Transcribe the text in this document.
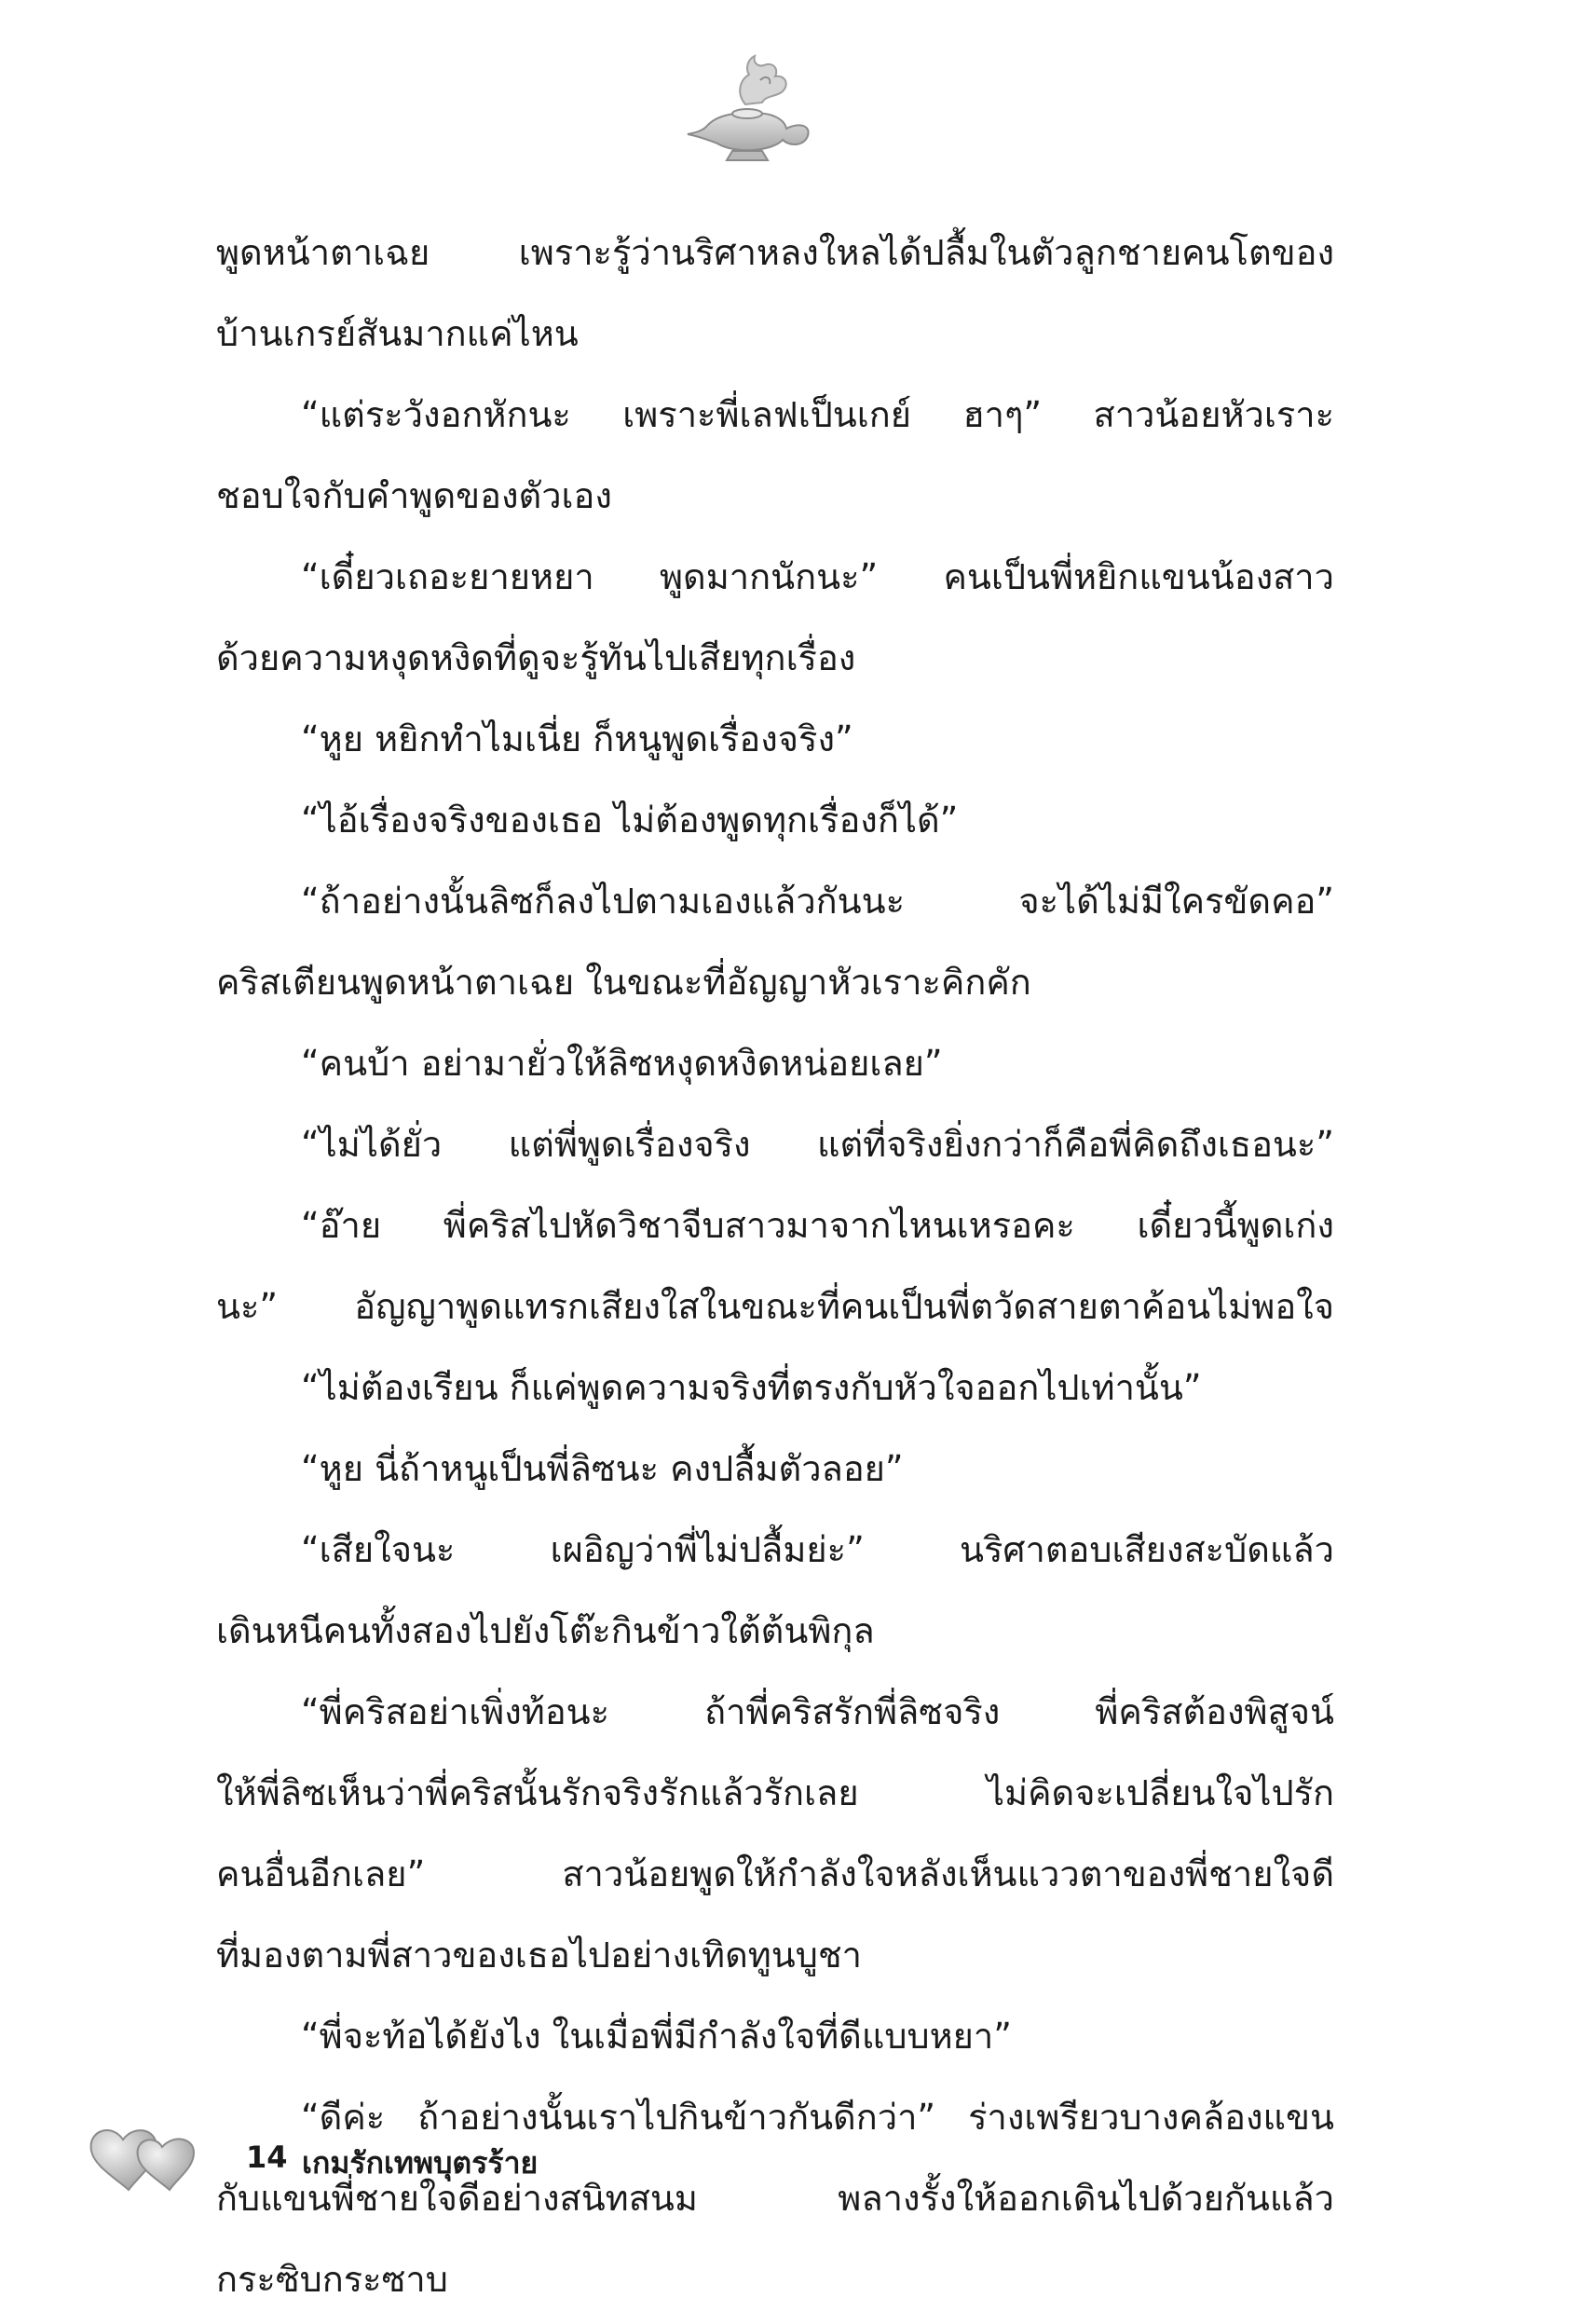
พูดหน้าตาเฉย เพราะรู้ว่านริศาหลงใหลได้ปลื้มในตัวลูกชายคนโตของ
บ้านเกรย์สันมากแค่ไหน
“แต่ระวังอกหักนะ เพราะพี่เลฟเป็นเกย์ ฮาๆ” สาวน้อยหัวเราะ
ชอบใจกับคำพูดของตัวเอง
“เดี๋ยวเถอะยายหยา พูดมากนักนะ” คนเป็นพี่หยิกแขนน้องสาว
ด้วยความหงุดหงิดที่ดูจะรู้ทันไปเสียทุกเรื่อง
“หูย หยิกทำไมเนี่ย ก็หนูพูดเรื่องจริง”
“ไอ้เรื่องจริงของเธอ ไม่ต้องพูดทุกเรื่องก็ได้”
“ถ้าอย่างนั้นลิซก็ลงไปตามเองแล้วกันนะ จะได้ไม่มีใครขัดคอ”
คริสเตียนพูดหน้าตาเฉย ในขณะที่อัญญาหัวเราะคิกคัก
“คนบ้า อย่ามายั่วให้ลิซหงุดหงิดหน่อยเลย”
“ไม่ได้ยั่ว แต่พี่พูดเรื่องจริง แต่ที่จริงยิ่งกว่าก็คือพี่คิดถึงเธอนะ”
“อ๊าย พี่คริสไปหัดวิชาจีบสาวมาจากไหนเหรอคะ เดี๋ยวนี้พูดเก่ง
นะ” อัญญาพูดแทรกเสียงใสในขณะที่คนเป็นพี่ตวัดสายตาค้อนไม่พอใจ
“ไม่ต้องเรียน ก็แค่พูดความจริงที่ตรงกับหัวใจออกไปเท่านั้น”
“หูย นี่ถ้าหนูเป็นพี่ลิซนะ คงปลื้มตัวลอย”
“เสียใจนะ เผอิญว่าพี่ไม่ปลื้มย่ะ” นริศาตอบเสียงสะบัดแล้ว
เดินหนีคนทั้งสองไปยังโต๊ะกินข้าวใต้ต้นพิกุล
“พี่คริสอย่าเพิ่งท้อนะ ถ้าพี่คริสรักพี่ลิซจริง พี่คริสต้องพิสูจน์
ให้พี่ลิซเห็นว่าพี่คริสนั้นรักจริงรักแล้วรักเลย ไม่คิดจะเปลี่ยนใจไปรัก
คนอื่นอีกเลย” สาวน้อยพูดให้กำลังใจหลังเห็นแววตาของพี่ชายใจดี
ที่มองตามพี่สาวของเธอไปอย่างเทิดทูนบูชา
“พี่จะท้อได้ยังไง ในเมื่อพี่มีกำลังใจที่ดีแบบหยา”
“ดีค่ะ ถ้าอย่างนั้นเราไปกินข้าวกันดีกว่า” ร่างเพรียวบางคล้องแขน
กับแขนพี่ชายใจดีอย่างสนิทสนม พลางรั้งให้ออกเดินไปด้วยกันแล้ว
กระซิบกระซาบ
14 เกมรักเทพบุตรร้าย
